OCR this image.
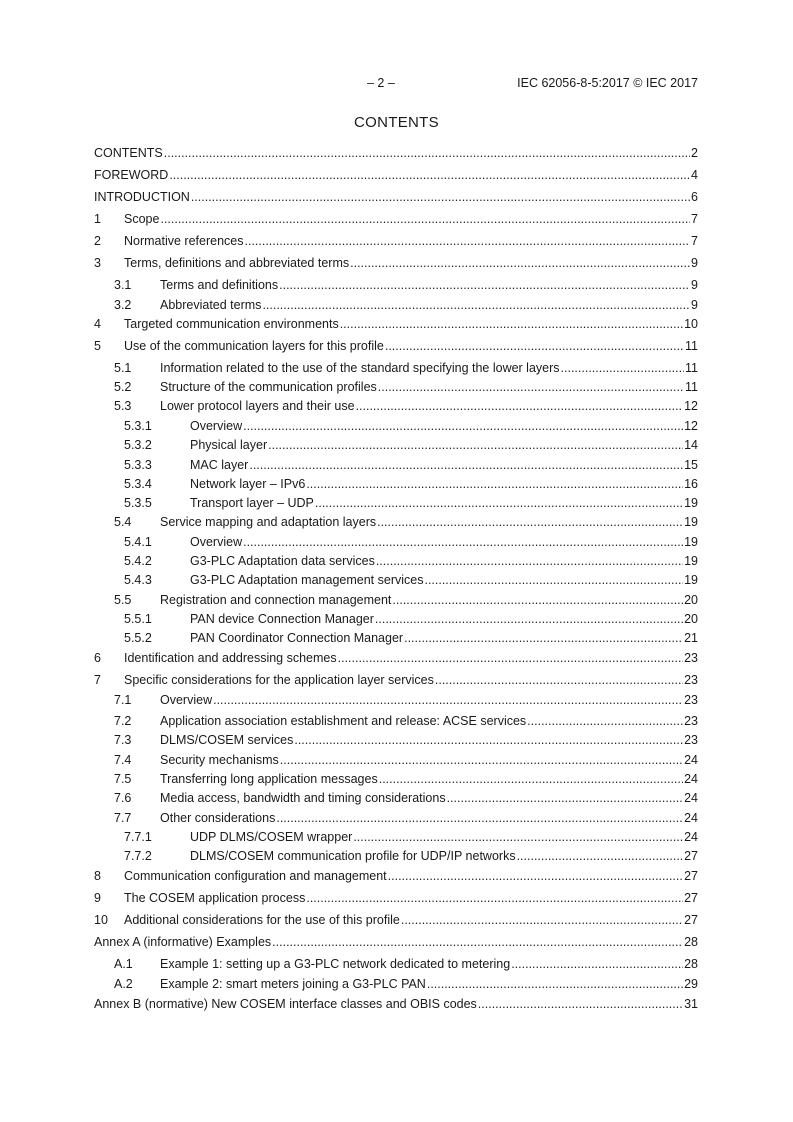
– 2 –	IEC 62056-8-5:2017 © IEC 2017
CONTENTS
CONTENTS .....	2
FOREWORD .....	4
INTRODUCTION .....	6
1	Scope .....	7
2	Normative references .....	7
3	Terms, definitions and abbreviated terms .....	9
3.1	Terms and definitions .....	9
3.2	Abbreviated terms .....	9
4	Targeted communication environments .....	10
5	Use of the communication layers for this profile .....	11
5.1	Information related to the use of the standard specifying the lower layers .....	11
5.2	Structure of the communication profiles .....	11
5.3	Lower protocol layers and their use .....	12
5.3.1	Overview .....	12
5.3.2	Physical layer .....	14
5.3.3	MAC layer .....	15
5.3.4	Network layer – IPv6 .....	16
5.3.5	Transport layer – UDP .....	19
5.4	Service mapping and adaptation layers .....	19
5.4.1	Overview .....	19
5.4.2	G3-PLC Adaptation data services .....	19
5.4.3	G3-PLC Adaptation management services .....	19
5.5	Registration and connection management .....	20
5.5.1	PAN device Connection Manager .....	20
5.5.2	PAN Coordinator Connection Manager .....	21
6	Identification and addressing schemes .....	23
7	Specific considerations for the application layer services .....	23
7.1	Overview .....	23
7.2	Application association establishment and release: ACSE services .....	23
7.3	DLMS/COSEM services .....	23
7.4	Security mechanisms .....	24
7.5	Transferring long application messages .....	24
7.6	Media access, bandwidth and timing considerations .....	24
7.7	Other considerations .....	24
7.7.1	UDP DLMS/COSEM wrapper .....	24
7.7.2	DLMS/COSEM communication profile for UDP/IP networks .....	27
8	Communication configuration and management .....	27
9	The COSEM application process .....	27
10	Additional considerations for the use of this profile .....	27
Annex A (informative) Examples .....	28
A.1	Example 1: setting up a G3-PLC network dedicated to metering .....	28
A.2	Example 2: smart meters joining a G3-PLC PAN .....	29
Annex B (normative) New COSEM interface classes and OBIS codes .....	31
